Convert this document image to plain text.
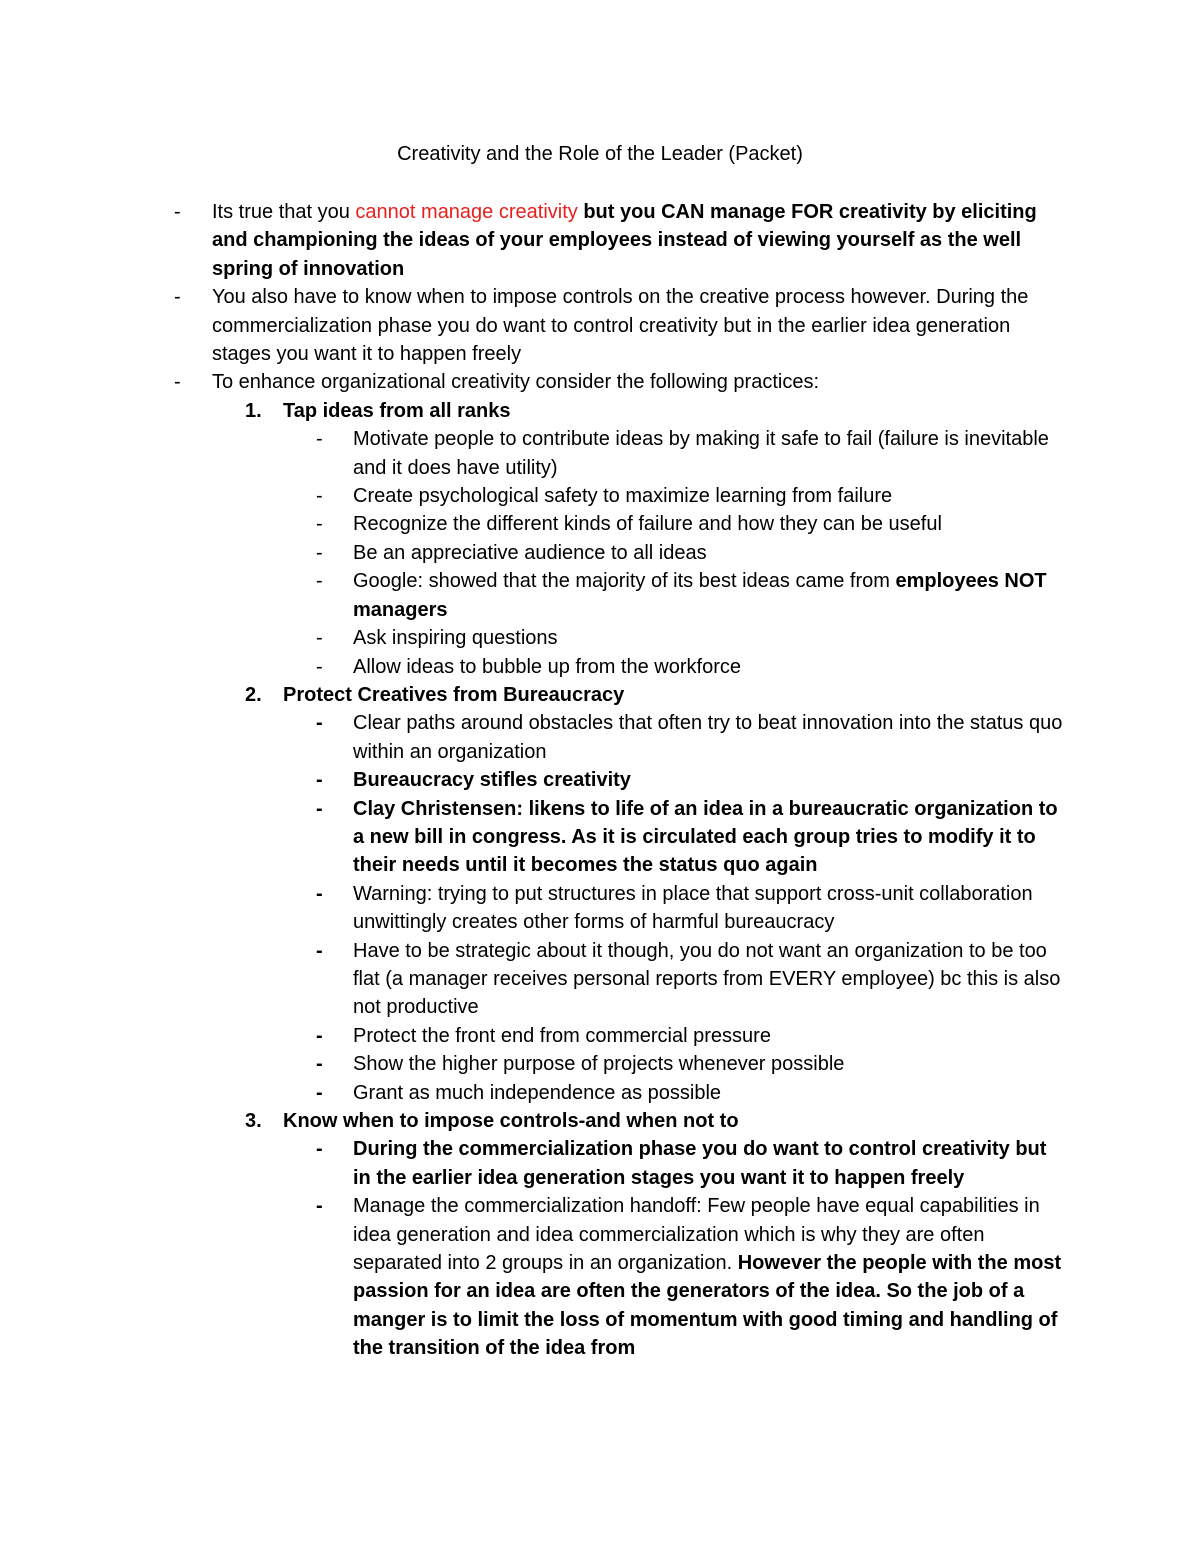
Creativity and the Role of the Leader (Packet)
- Its true that you cannot manage creativity but you CAN manage FOR creativity by eliciting and championing the ideas of your employees instead of viewing yourself as the well spring of innovation
- You also have to know when to impose controls on the creative process however. During the commercialization phase you do want to control creativity but in the earlier idea generation stages you want it to happen freely
- To enhance organizational creativity consider the following practices:
1. Tap ideas from all ranks
- Motivate people to contribute ideas by making it safe to fail (failure is inevitable and it does have utility)
- Create psychological safety to maximize learning from failure
- Recognize the different kinds of failure and how they can be useful
- Be an appreciative audience to all ideas
- Google: showed that the majority of its best ideas came from employees NOT managers
- Ask inspiring questions
- Allow ideas to bubble up from the workforce
2. Protect Creatives from Bureaucracy
- Clear paths around obstacles that often try to beat innovation into the status quo within an organization
- Bureaucracy stifles creativity
- Clay Christensen: likens to life of an idea in a bureaucratic organization to a new bill in congress. As it is circulated each group tries to modify it to their needs until it becomes the status quo again
- Warning: trying to put structures in place that support cross-unit collaboration unwittingly creates other forms of harmful bureaucracy
- Have to be strategic about it though, you do not want an organization to be too flat (a manager receives personal reports from EVERY employee) bc this is also not productive
- Protect the front end from commercial pressure
- Show the higher purpose of projects whenever possible
- Grant as much independence as possible
3. Know when to impose controls-and when not to
- During the commercialization phase you do want to control creativity but in the earlier idea generation stages you want it to happen freely
- Manage the commercialization handoff: Few people have equal capabilities in idea generation and idea commercialization which is why they are often separated into 2 groups in an organization. However the people with the most passion for an idea are often the generators of the idea. So the job of a manger is to limit the loss of momentum with good timing and handling of the transition of the idea from
